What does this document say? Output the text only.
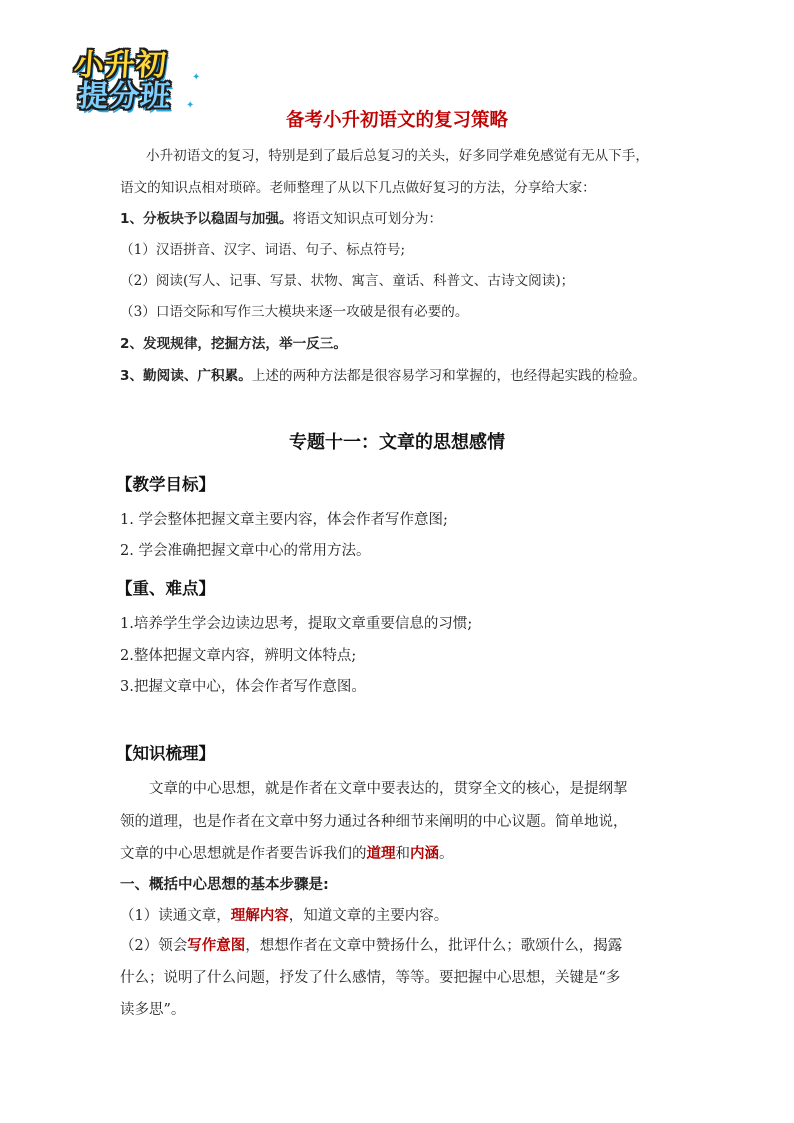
小升初
提分班
✦
✦
备考小升初语文的复习策略

小升初语文的复习，特别是到了最后总复习的关头，好多同学难免感觉有无从下手，

语文的知识点相对琐碎。老师整理了从以下几点做好复习的方法，分享给大家：

1、分板块予以稳固与加强。将语文知识点可划分为：

（1）汉语拼音、汉字、词语、句子、标点符号;

（2）阅读(写人、记事、写景、状物、寓言、童话、科普文、古诗文阅读)；

（3）口语交际和写作三大模块来逐一攻破是很有必要的。

2、发现规律，挖掘方法，举一反三。

3、勤阅读、广积累。上述的两种方法都是很容易学习和掌握的，也经得起实践的检验。

专题十一：文章的思想感情
【教学目标】

1. 学会整体把握文章主要内容，体会作者写作意图;

2. 学会准确把握文章中心的常用方法。

【重、难点】

1.培养学生学会边读边思考，提取文章重要信息的习惯;

2.整体把握文章内容，辨明文体特点;

3.把握文章中心，体会作者写作意图。

【知识梳理】

文章的中心思想，就是作者在文章中要表达的，贯穿全文的核心，是提纲挈

领的道理，也是作者在文章中努力通过各种细节来阐明的中心议题。简单地说，

文章的中心思想就是作者要告诉我们的道理和内涵。

一、概括中心思想的基本步骤是:

（1）读通文章，理解内容，知道文章的主要内容。

（2）领会写作意图，想想作者在文章中赞扬什么，批评什么；歌颂什么，揭露

什么；说明了什么问题，抒发了什么感情，等等。要把握中心思想，关键是“多

读多思”。
